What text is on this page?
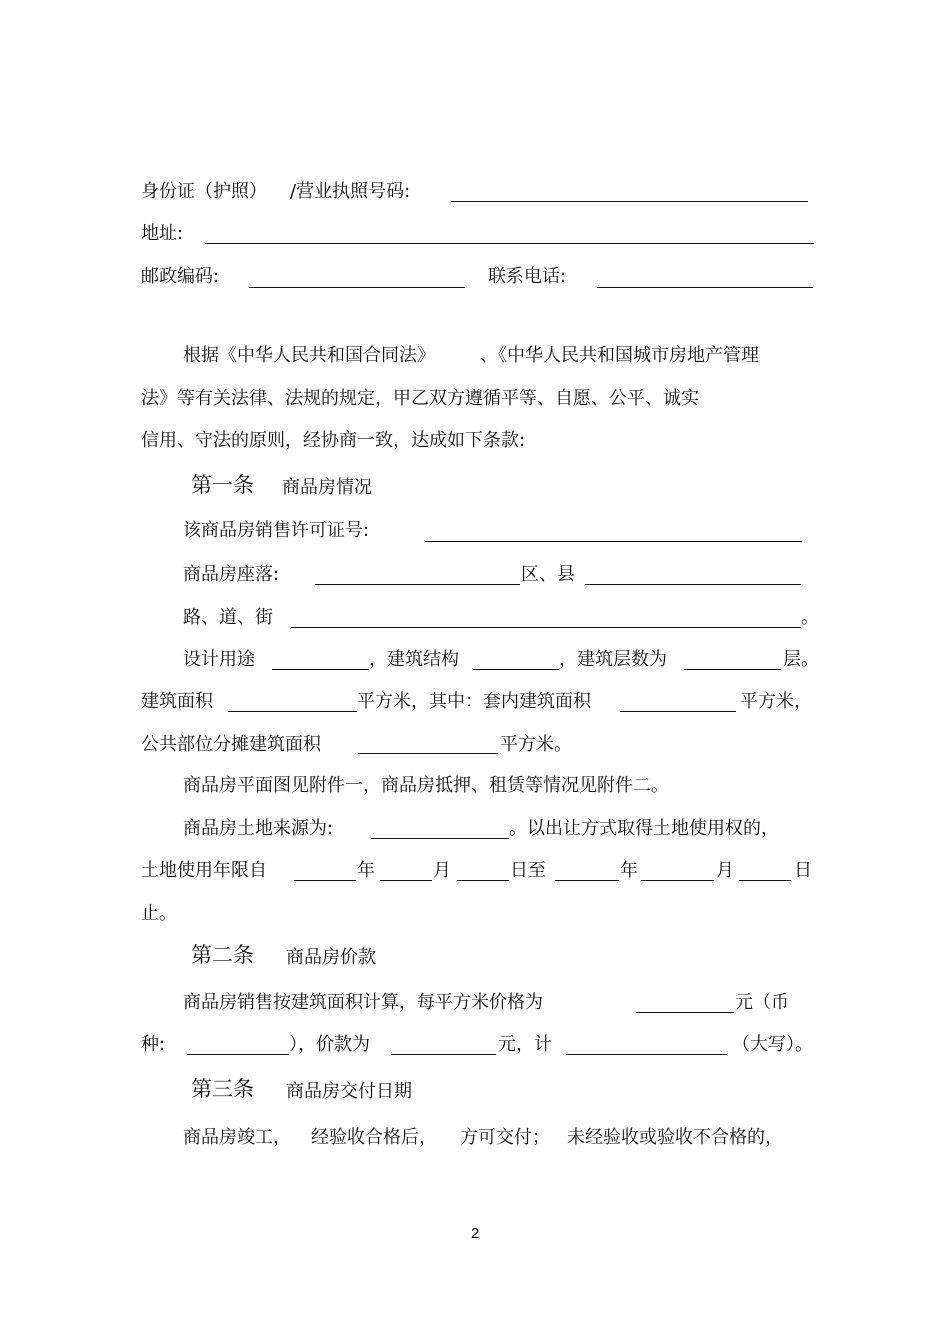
身份证（护照） /营业执照号码:
地址:
邮政编码:	联系电话:
根据《中华人民共和国合同法》	、《中华人民共和国城市房地产管理
法》等有关法律、法规的规定，甲乙双方遵循平等、自愿、公平、诚实
信用、守法的原则，经协商一致，达成如下条款:
第一条 商品房情况
该商品房销售许可证号:
商品房座落:	区、县
路、道、街	。
设计用途	，建筑结构	，建筑层数为	层。
建筑面积	平方米，其中：套内建筑面积	平方米，
公共部位分摊建筑面积	平方米。
商品房平面图见附件一，商品房抵押、租赁等情况见附件二。
商品房土地来源为:	。以出让方式取得土地使用权的，
土地使用年限自	年	月	日至	年	月	日
止。
第二条 商品房价款
商品房销售按建筑面积计算，每平方米价格为	元（币
种:	），价款为	元，计	（大写）。
第三条 商品房交付日期
商品房竣工， 经验收合格后， 方可交付； 未经验收或验收不合格的，
2
